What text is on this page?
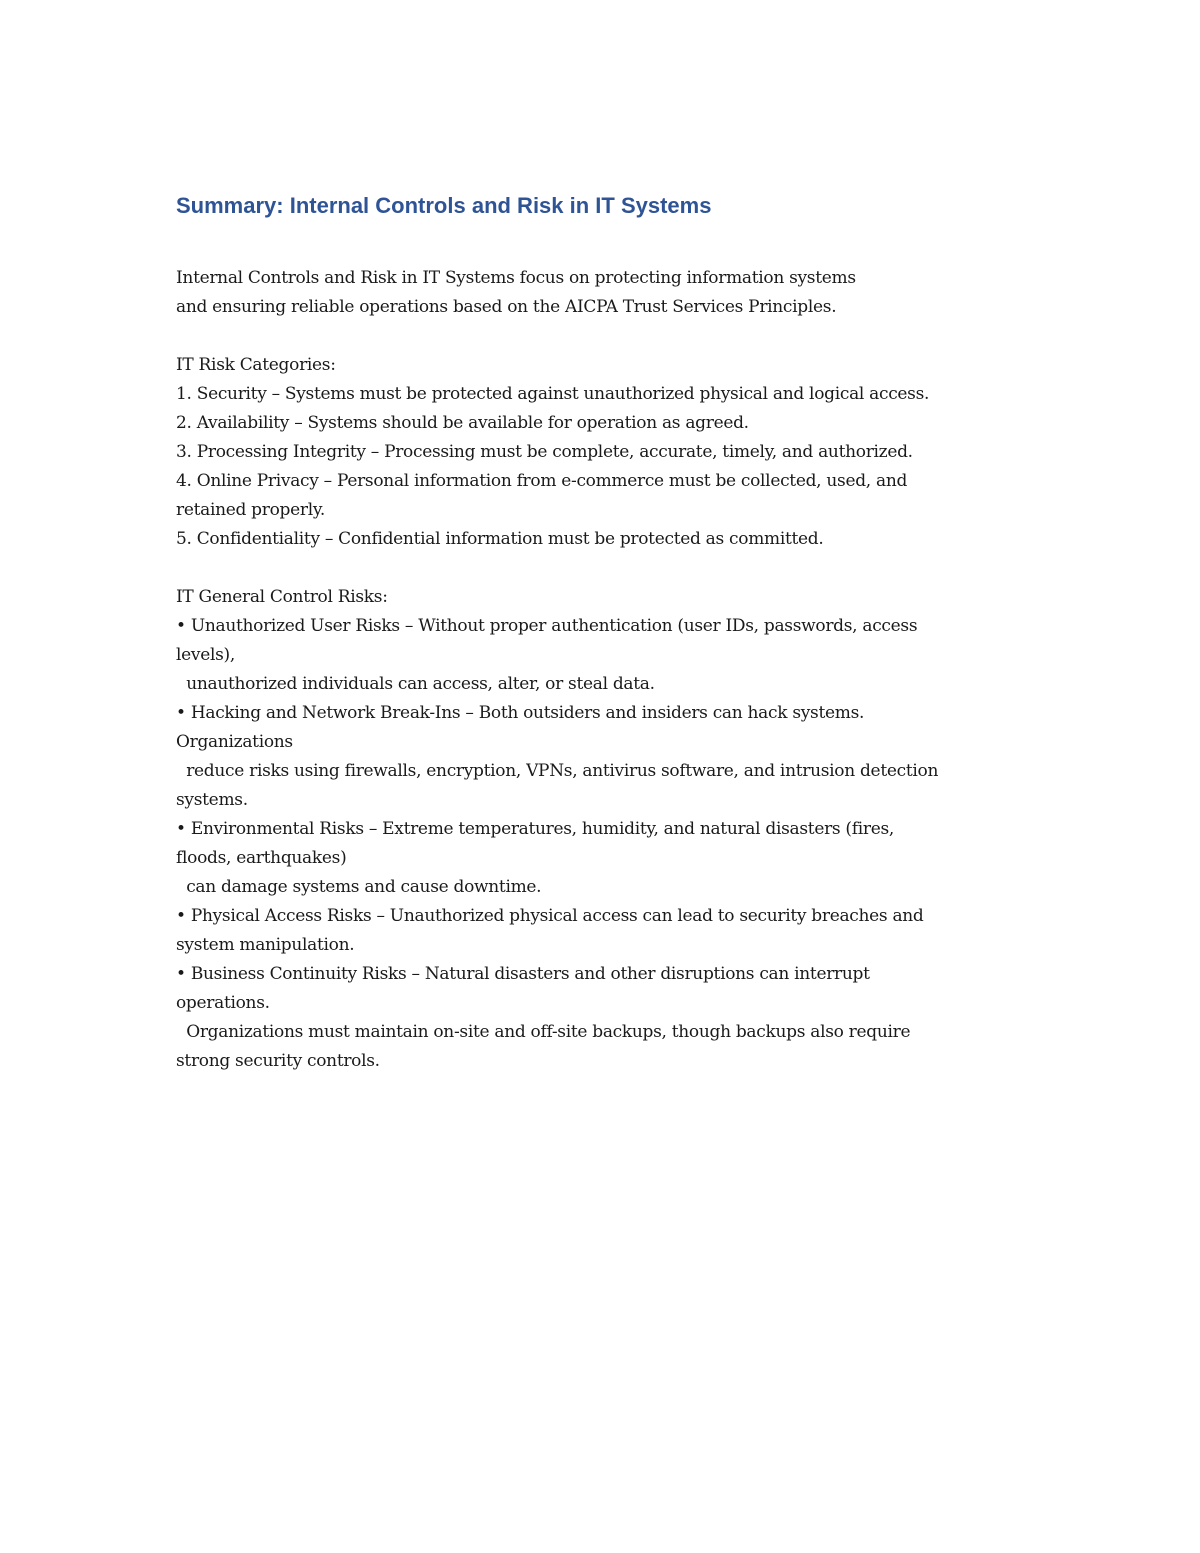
Summary: Internal Controls and Risk in IT Systems

Internal Controls and Risk in IT Systems focus on protecting information systems

and ensuring reliable operations based on the AICPA Trust Services Principles.

IT Risk Categories:

1. Security – Systems must be protected against unauthorized physical and logical access.

2. Availability – Systems should be available for operation as agreed.

3. Processing Integrity – Processing must be complete, accurate, timely, and authorized.

4. Online Privacy – Personal information from e-commerce must be collected, used, and

retained properly.

5. Confidentiality – Confidential information must be protected as committed.

IT General Control Risks:

• Unauthorized User Risks – Without proper authentication (user IDs, passwords, access

levels),

unauthorized individuals can access, alter, or steal data.

• Hacking and Network Break-Ins – Both outsiders and insiders can hack systems.

Organizations

reduce risks using firewalls, encryption, VPNs, antivirus software, and intrusion detection

systems.

• Environmental Risks – Extreme temperatures, humidity, and natural disasters (fires,

floods, earthquakes)

can damage systems and cause downtime.

• Physical Access Risks – Unauthorized physical access can lead to security breaches and

system manipulation.

• Business Continuity Risks – Natural disasters and other disruptions can interrupt

operations.

Organizations must maintain on-site and off-site backups, though backups also require

strong security controls.
